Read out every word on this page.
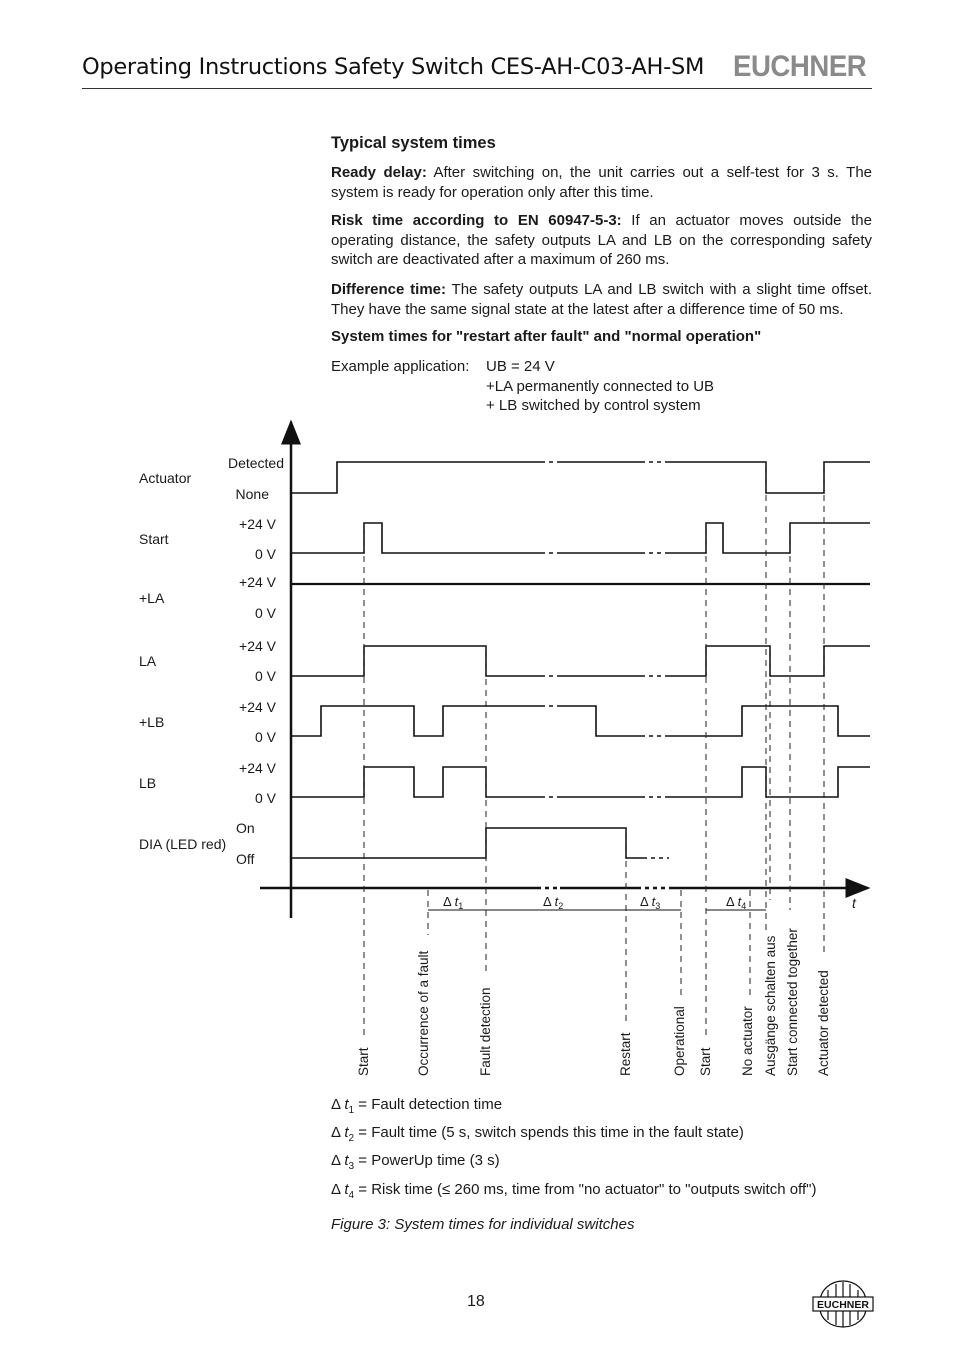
Operating Instructions Safety Switch CES-AH-C03-AH-SM EUCHNER
Typical system times

Ready delay: After switching on, the unit carries out a self-test for 3 s. The system is ready for operation only after this time.

Risk time according to EN 60947-5-3: If an actuator moves outside the operating distance, the safety outputs LA and LB on the corresponding safety switch are deactivated after a maximum of 260 ms.

Difference time: The safety outputs LA and LB switch with a slight time offset. They have the same signal state at the latest after a difference time of 50 ms.

System times for "restart after fault" and "normal operation"
Example application: UB = 24 V
+LA permanently connected to UB
+ LB switched by control system
Actuator
Start
+LA
LA
+LB
LB
DIA (LED red)
Detected
None
+24 V
0 V
+24 V
0 V
+24 V
0 V
+24 V
0 V
+24 V
0 V
On
Off
t
Δ $t_1$	Δ $t_2$	Δ $t_3$	Δ $t_4$
Start	Occurrence of a fault	Fault detection	Restart	Operational Start No actuator Ausgänge schalten aus Start connected together Actuator detected
Δ $t_1$ = Fault detection time
Δ $t_2$ = Fault time (5 s, switch spends this time in the fault state)
Δ $t_3$ = PowerUp time (3 s)
Δ $t_4$ = Risk time (≤ 260 ms, time from "no actuator" to "outputs switch off")
Figure 3: System times for individual switches
18	EUCHNER
